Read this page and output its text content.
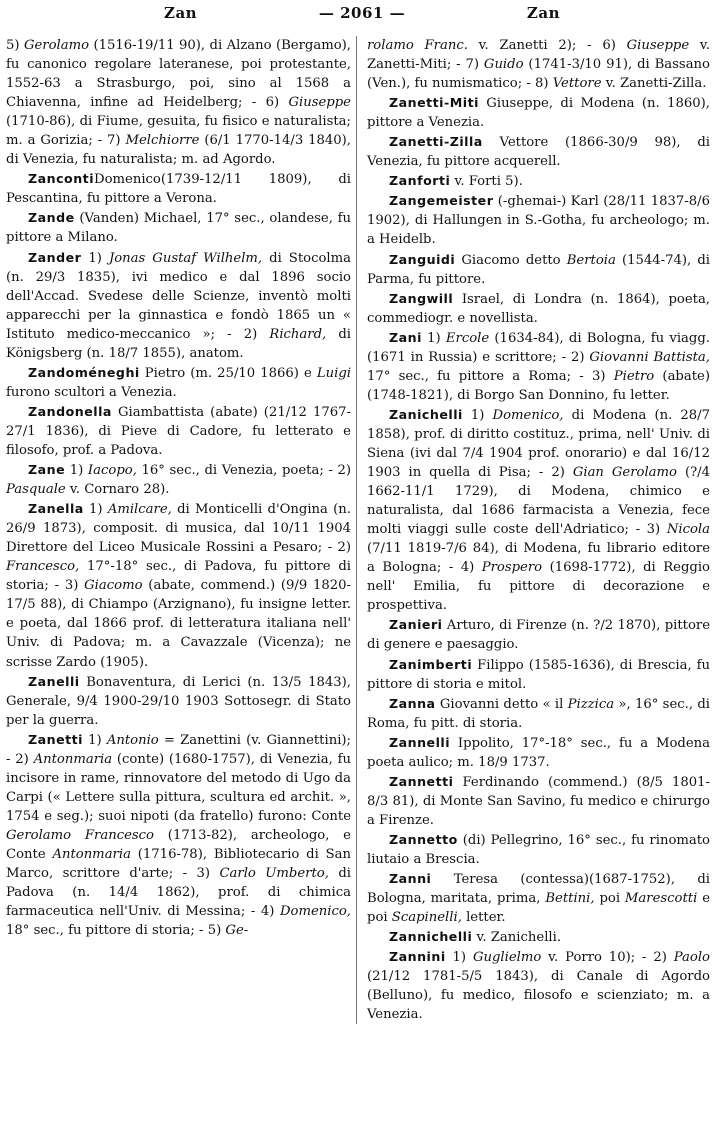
Zan	— 2061 —	Zan

5) Gerolamo (1516-19/11 90), di Alzano (Bergamo), fu canonico regolare lateranese, poi protestante, 1552-63 a Strasburgo, poi, sino al 1568 a Chiavenna, infine ad Heidelberg; - 6) Giuseppe (1710-86), di Fiume, gesuita, fu fisico e naturalista; m. a Gorizia; - 7) Melchiorre (6/1 1770-14/3 1840), di Venezia, fu naturalista; m. ad Agordo.

ZancontiDomenico(1739-12/11 1809), di Pescantina, fu pittore a Verona.

Zande (Vanden) Michael, 17° sec., olandese, fu pittore a Milano.

Zander 1) Jonas Gustaf Wilhelm, di Stocolma (n. 29/3 1835), ivi medico e dal 1896 socio dell'Accad. Svedese delle Scienze, inventò molti apparecchi per la ginnastica e fondò 1865 un « Istituto medico-meccanico »; - 2) Richard, di Königsberg (n. 18/7 1855), anatom.

Zandoméneghi Pietro (m. 25/10 1866) e Luigi furono scultori a Venezia.

Zandonella Giambattista (abate) (21/12 1767-27/1 1836), di Pieve di Cadore, fu letterato e filosofo, prof. a Padova.

Zane 1) Iacopo, 16° sec., di Venezia, poeta; - 2) Pasquale v. Cornaro 28).

Zanella 1) Amilcare, di Monticelli d'Ongina (n. 26/9 1873), composit. di musica, dal 10/11 1904 Direttore del Liceo Musicale Rossini a Pesaro; - 2) Francesco, 17°-18° sec., di Padova, fu pittore di storia; - 3) Giacomo (abate, commend.) (9/9 1820-17/5 88), di Chiampo (Arzignano), fu insigne letter. e poeta, dal 1866 prof. di letteratura italiana nell' Univ. di Padova; m. a Cavazzale (Vicenza); ne scrisse Zardo (1905).

Zanelli Bonaventura, di Lerici (n. 13/5 1843), Generale, 9/4 1900-29/10 1903 Sottosegr. di Stato per la guerra.

Zanetti 1) Antonio = Zanettini (v. Giannettini); - 2) Antonmaria (conte) (1680-1757), di Venezia, fu incisore in rame, rinnovatore del metodo di Ugo da Carpi (« Lettere sulla pittura, scultura ed archit. », 1754 e seg.); suoi nipoti (da fratello) furono: Conte Gerolamo Francesco (1713-82), archeologo, e Conte Antonmaria (1716-78), Bibliotecario di San Marco, scrittore d'arte; - 3) Carlo Umberto, di Padova (n. 14/4 1862), prof. di chimica farmaceutica nell'Univ. di Messina; - 4) Domenico, 18° sec., fu pittore di storia; - 5) Ge-

rolamo Franc. v. Zanetti 2); - 6) Giuseppe v. Zanetti-Miti; - 7) Guido (1741-3/10 91), di Bassano (Ven.), fu numismatico; - 8) Vettore v. Zanetti-Zilla.

Zanetti-Miti Giuseppe, di Modena (n. 1860), pittore a Venezia.

Zanetti-Zilla Vettore (1866-30/9 98), di Venezia, fu pittore acquerell.

Zanforti v. Forti 5).

Zangemeister (-ghemai-) Karl (28/11 1837-8/6 1902), di Hallungen in S.-Gotha, fu archeologo; m. a Heidelb.

Zanguidi Giacomo detto Bertoia (1544-74), di Parma, fu pittore.

Zangwill Israel, di Londra (n. 1864), poeta, commediogr. e novellista.

Zani 1) Ercole (1634-84), di Bologna, fu viagg. (1671 in Russia) e scrittore; - 2) Giovanni Battista, 17° sec., fu pittore a Roma; - 3) Pietro (abate) (1748-1821), di Borgo San Donnino, fu letter.

Zanichelli 1) Domenico, di Modena (n. 28/7 1858), prof. di diritto costituz., prima, nell' Univ. di Siena (ivi dal 7/4 1904 prof. onorario) e dal 16/12 1903 in quella di Pisa; - 2) Gian Gerolamo (?/4 1662-11/1 1729), di Modena, chimico e naturalista, dal 1686 farmacista a Venezia, fece molti viaggi sulle coste dell'Adriatico; - 3) Nicola (7/11 1819-7/6 84), di Modena, fu librario editore a Bologna; - 4) Prospero (1698-1772), di Reggio nell' Emilia, fu pittore di decorazione e prospettiva.

Zanieri Arturo, di Firenze (n. ?/2 1870), pittore di genere e paesaggio.

Zanimberti Filippo (1585-1636), di Brescia, fu pittore di storia e mitol.

Zanna Giovanni detto « il Pizzica », 16° sec., di Roma, fu pitt. di storia.

Zannelli Ippolito, 17°-18° sec., fu a Modena poeta aulico; m. 18/9 1737.

Zannetti Ferdinando (commend.) (8/5 1801-8/3 81), di Monte San Savino, fu medico e chirurgo a Firenze.

Zannetto (di) Pellegrino, 16° sec., fu rinomato liutaio a Brescia.

Zanni Teresa (contessa)(1687-1752), di Bologna, maritata, prima, Bettini, poi Marescotti e poi Scapinelli, letter.

Zannichelli v. Zanichelli.

Zannini 1) Guglielmo v. Porro 10); - 2) Paolo (21/12 1781-5/5 1843), di Canale di Agordo (Belluno), fu medico, filosofo e scienziato; m. a Venezia.
